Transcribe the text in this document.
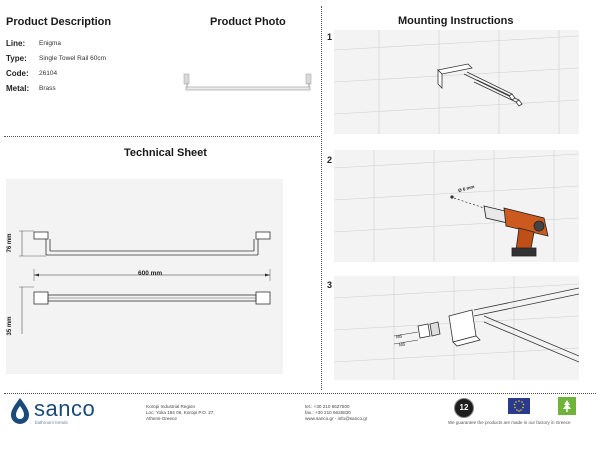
Product Description
Line: Enigma
Type: Single Towel Rail 60cm
Code: 26104
Metal: Brass
Product Photo
Technical Sheet
76 mm
600 mm
35 mm
Mounting Instructions
1
2
Ø 6 mm
3
M5
M5
sanco
bathroom trends
Koropi Industrial Region
Loc: Yoka 194 06, Koropi P.O. 27,
Athens-Greece
tel.: +30 210 6627500
fax.: +30 210 6626830
www.sanco.gr - info@sanco.gr
12
We guarantee the products are made in our factory in Greece
